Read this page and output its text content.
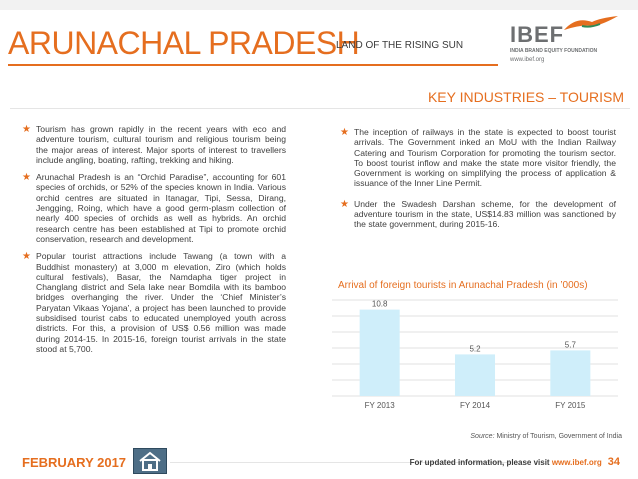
ARUNACHAL PRADESH
LAND OF THE RISING SUN IBEF
INDIA BRAND EQUITY FOUNDATION
www.ibef.org
KEY INDUSTRIES – TOURISM
★ Tourism has grown rapidly in the recent years with eco and adventure tourism, cultural tourism and religious tourism being the major areas of interest. Major sports of interest to travellers include angling, boating, rafting, trekking and hiking.
★ Arunachal Pradesh is an “Orchid Paradise”, accounting for 601 species of orchids, or 52% of the species known in India. Various orchid centres are situated in Itanagar, Tipi, Sessa, Dirang, Jengging, Roing, which have a good germ-plasm collection of nearly 400 species of orchids as well as hybrids. An orchid research centre has been established at Tipi to promote orchid conservation, research and development.
★ Popular tourist attractions include Tawang (a town with a Buddhist monastery) at 3,000 m elevation, Ziro (which holds cultural festivals), Basar, the Namdapha tiger project in Changlang district and Sela lake near Bomdila with its bamboo bridges overhanging the river. Under the ‘Chief Minister’s Paryatan Vikaas Yojana’, a project has been launched to provide subsidised tourist cabs to educated unemployed youth across districts. For this, a provision of US$ 0.56 million was made during 2014-15. In 2015-16, foreign tourist arrivals in the state stood at 5,700.
★ The inception of railways in the state is expected to boost tourist arrivals. The Government inked an MoU with the Indian Railway Catering and Tourism Corporation for promoting the tourism sector. To boost tourist inflow and make the state more visitor friendly, the Government is working on simplifying the process of application & issuance of the Inner Line Permit.
★ Under the Swadesh Darshan scheme, for the development of adventure tourism in the state, US$14.83 million was sanctioned by the state government, during 2015-16.
Arrival of foreign tourists in Arunachal Pradesh (in ’000s)
10.8
FY 2013
5.2
FY 2014
5.7
FY 2015
Source: Ministry of Tourism, Government of India
FEBRUARY 2017	For updated information, please visit www.ibef.org 34
